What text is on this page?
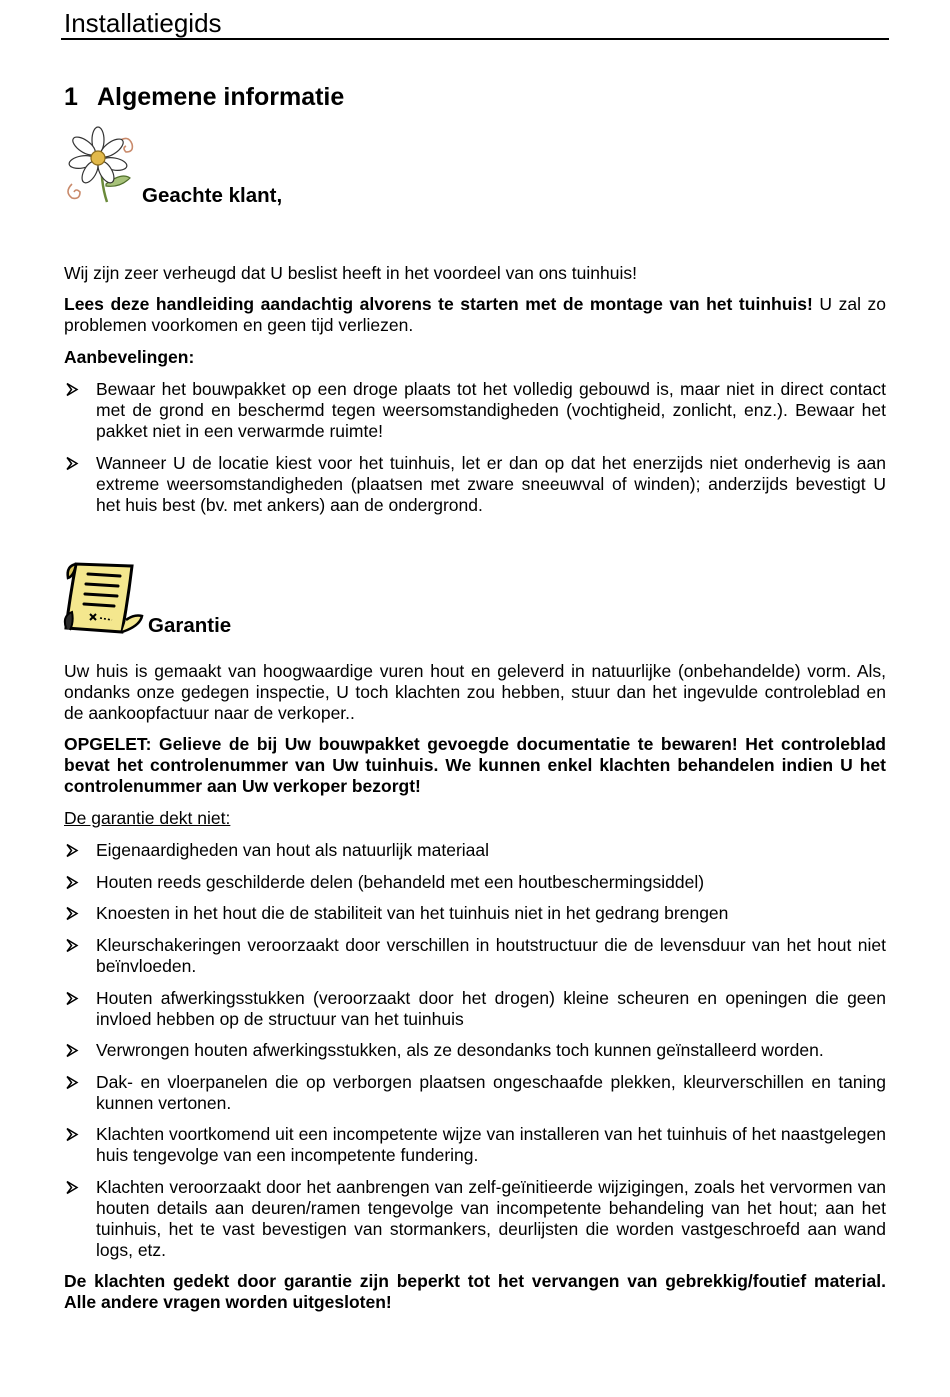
Installatiegids
1 Algemene informatie
Geachte klant,

Wij zijn zeer verheugd dat U beslist heeft in het voordeel van ons tuinhuis!

Lees deze handleiding aandachtig alvorens te starten met de montage van het tuinhuis! U zal zo problemen voorkomen en geen tijd verliezen.

Aanbevelingen:

Bewaar het bouwpakket op een droge plaats tot het volledig gebouwd is, maar niet in direct contact met de grond en beschermd tegen weersomstandigheden (vochtigheid, zonlicht, enz.). Bewaar het pakket niet in een verwarmde ruimte!
Wanneer U de locatie kiest voor het tuinhuis, let er dan op dat het enerzijds niet onderhevig is aan extreme weersomstandigheden (plaatsen met zware sneeuwval of winden); anderzijds bevestigt U het huis best (bv. met ankers) aan de ondergrond.
Garantie

Uw huis is gemaakt van hoogwaardige vuren hout en geleverd in natuurlijke (onbehandelde) vorm. Als, ondanks onze gedegen inspectie, U toch klachten zou hebben, stuur dan het ingevulde controleblad en de aankoopfactuur naar de verkoper..

OPGELET: Gelieve de bij Uw bouwpakket gevoegde documentatie te bewaren! Het controleblad bevat het controlenummer van Uw tuinhuis. We kunnen enkel klachten behandelen indien U het controlenummer aan Uw verkoper bezorgt!

De garantie dekt niet:

Eigenaardigheden van hout als natuurlijk materiaal
Houten reeds geschilderde delen (behandeld met een houtbeschermingsiddel)
Knoesten in het hout die de stabiliteit van het tuinhuis niet in het gedrang brengen
Kleurschakeringen veroorzaakt door verschillen in houtstructuur die de levensduur van het hout niet beïnvloeden.
Houten afwerkingsstukken (veroorzaakt door het drogen) kleine scheuren en openingen die geen invloed hebben op de structuur van het tuinhuis
Verwrongen houten afwerkingsstukken, als ze desondanks toch kunnen geïnstalleerd worden.
Dak- en vloerpanelen die op verborgen plaatsen ongeschaafde plekken, kleurverschillen en taning kunnen vertonen.
Klachten voortkomend uit een incompetente wijze van installeren van het tuinhuis of het naastgelegen huis tengevolge van een incompetente fundering.
Klachten veroorzaakt door het aanbrengen van zelf-geïnitieerde wijzigingen, zoals het vervormen van houten details aan deuren/ramen tengevolge van incompetente behandeling van het hout; aan het tuinhuis, het te vast bevestigen van stormankers, deurlijsten die worden vastgeschroefd aan wand logs, etz.

De klachten gedekt door garantie zijn beperkt tot het vervangen van gebrekkig/foutief material. Alle andere vragen worden uitgesloten!
